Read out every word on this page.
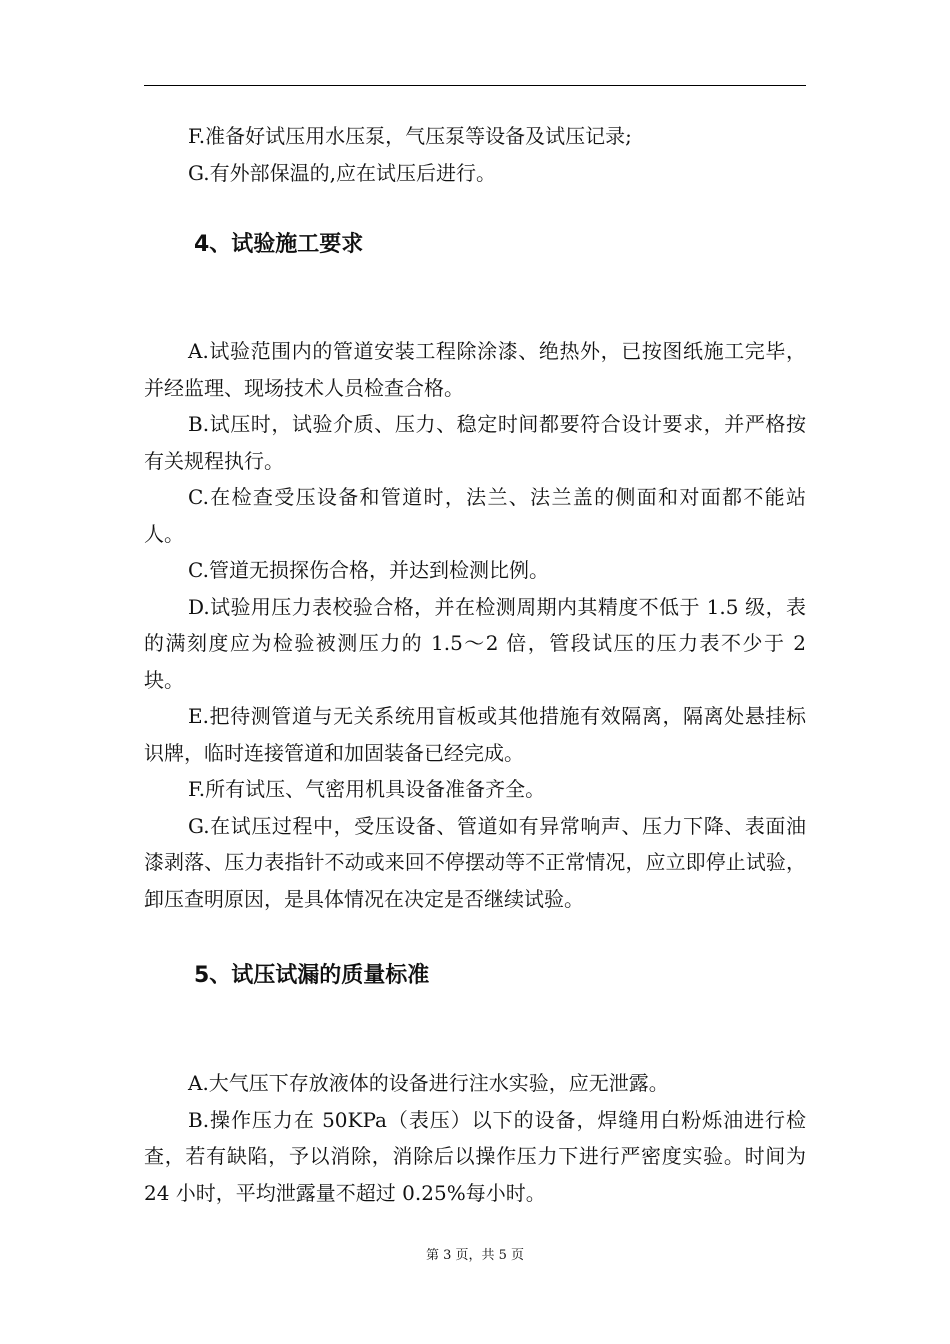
F.准备好试压用水压泵，气压泵等设备及试压记录;

G.有外部保温的,应在试压后进行。

4、试验施工要求

A.试验范围内的管道安装工程除涂漆、绝热外，已按图纸施工完毕，并经监理、现场技术人员检查合格。

B.试压时，试验介质、压力、稳定时间都要符合设计要求，并严格按有关规程执行。

C.在检查受压设备和管道时，法兰、法兰盖的侧面和对面都不能站人。

C.管道无损探伤合格，并达到检测比例。

D.试验用压力表校验合格，并在检测周期内其精度不低于 1.5 级，表的满刻度应为检验被测压力的 1.5～2 倍，管段试压的压力表不少于 2 块。

E.把待测管道与无关系统用盲板或其他措施有效隔离，隔离处悬挂标识牌，临时连接管道和加固装备已经完成。

F.所有试压、气密用机具设备准备齐全。

G.在试压过程中，受压设备、管道如有异常响声、压力下降、表面油漆剥落、压力表指针不动或来回不停摆动等不正常情况，应立即停止试验，卸压查明原因，是具体情况在决定是否继续试验。

5、试压试漏的质量标准

A.大气压下存放液体的设备进行注水实验，应无泄露。

B.操作压力在 50KPa（表压）以下的设备，焊缝用白粉烁油进行检查，若有缺陷，予以消除，消除后以操作压力下进行严密度实验。时间为 24 小时，平均泄露量不超过 0.25%每小时。

第 3 页，共 5 页
